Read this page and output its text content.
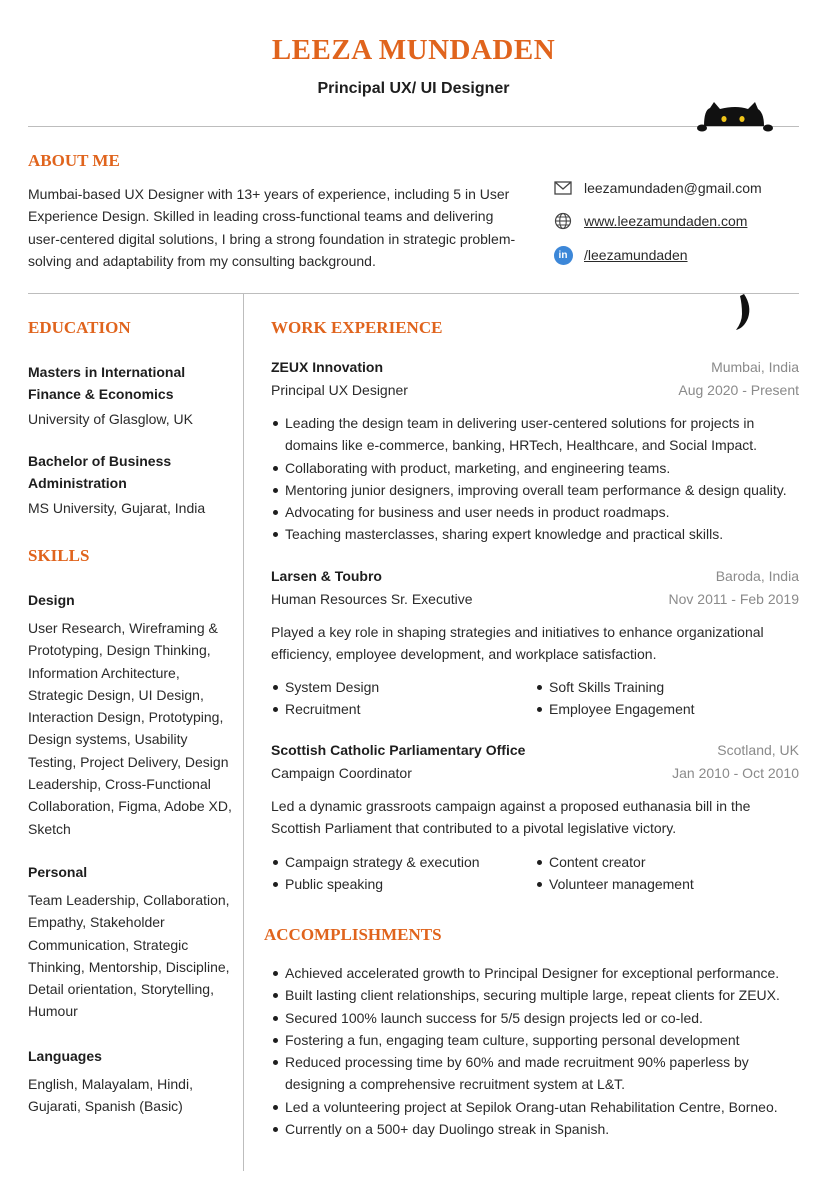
LEEZA MUNDADEN
Principal UX/ UI Designer
ABOUT ME
Mumbai-based UX Designer with 13+ years of experience, including 5 in User Experience Design. Skilled in leading cross-functional teams and delivering user-centered digital solutions, I bring a strong foundation in strategic problem-solving and adaptability from my consulting background.
leezamundaden@gmail.com
www.leezamundaden.com
in	/leezamundaden
EDUCATION
Masters in International Finance & Economics
University of Glasglow, UK
Bachelor of Business Administration
MS University, Gujarat, India
SKILLS
Design
User Research, Wireframing & Prototyping, Design Thinking, Information Architecture, Strategic Design, UI Design, Interaction Design, Prototyping, Design systems, Usability Testing, Project Delivery, Design Leadership, Cross-Functional Collaboration, Figma, Adobe XD, Sketch
Personal
Team Leadership, Collaboration, Empathy, Stakeholder Communication, Strategic Thinking, Mentorship, Discipline, Detail orientation, Storytelling, Humour
Languages
English, Malayalam, Hindi, Gujarati, Spanish (Basic)
WORK EXPERIENCE
ZEUX Innovation	Mumbai, India
Principal UX Designer	Aug 2020 - Present
Leading the design team in delivering user-centered solutions for projects in domains like e-commerce, banking, HRTech, Healthcare, and Social Impact.
Collaborating with product, marketing, and engineering teams.
Mentoring junior designers, improving overall team performance & design quality.
Advocating for business and user needs in product roadmaps.
Teaching masterclasses, sharing expert knowledge and practical skills.
Larsen & Toubro	Baroda, India
Human Resources Sr. Executive	Nov 2011 - Feb 2019
Played a key role in shaping strategies and initiatives to enhance organizational efficiency, employee development, and workplace satisfaction.
System Design
Recruitment
Soft Skills Training
Employee Engagement
Scottish Catholic Parliamentary Office	Scotland, UK
Campaign Coordinator	Jan 2010 - Oct 2010
Led a dynamic grassroots campaign against a proposed euthanasia bill in the Scottish Parliament that contributed to a pivotal legislative victory.
Campaign strategy & execution
Public speaking
Content creator
Volunteer management
ACCOMPLISHMENTS
Achieved accelerated growth to Principal Designer for exceptional performance.
Built lasting client relationships, securing multiple large, repeat clients for ZEUX.
Secured 100% launch success for 5/5 design projects led or co-led.
Fostering a fun, engaging team culture, supporting personal development
Reduced processing time by 60% and made recruitment 90% paperless by designing a comprehensive recruitment system at L&T.
Led a volunteering project at Sepilok Orang-utan Rehabilitation Centre, Borneo.
Currently on a 500+ day Duolingo streak in Spanish.
